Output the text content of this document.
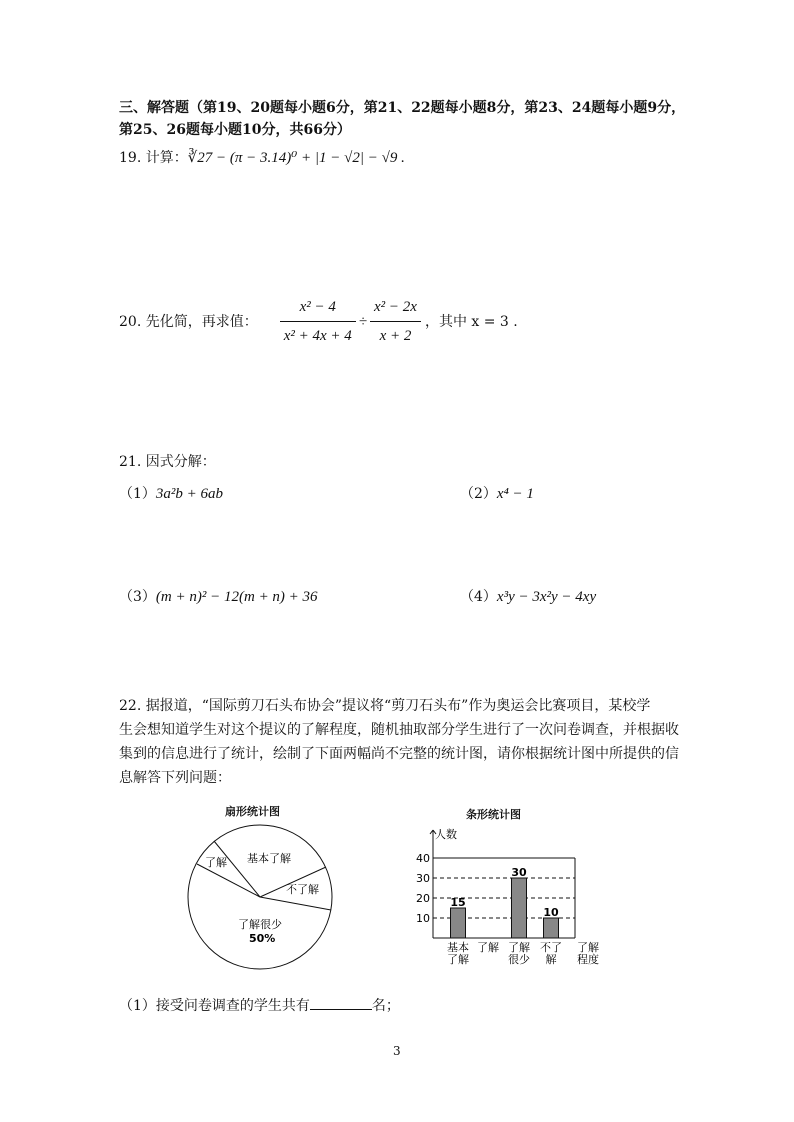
三、解答题（第19、20题每小题6分，第21、22题每小题8分，第23、24题每小题9分，
第25、26题每小题10分，共66分）
19. 计算：∛27 − (π − 3.14)⁰ + |1 − √2| − √9 .
20. 先化简，再求值： $\frac{\text{x² − 4}}{\text{x² + 4x + 4}} \div \frac{\text{x² − 2x}}{x + 2}$ ，其中 x = 3 .
21. 因式分解：
（1）3a²b + 6ab	（2）x⁴ − 1
（3）(m + n)² − 12(m + n) + 36	（4）x³y − 3x²y − 4xy
22. 据报道，“国际剪刀石头布协会”提议将“剪刀石头布”作为奥运会比赛项目，某校学
生会想知道学生对这个提议的了解程度，随机抽取部分学生进行了一次问卷调查，并根据收
集到的信息进行了统计，绘制了下面两幅尚不完整的统计图，请你根据统计图中所提供的信
息解答下列问题：
扇形统计图
基本了解
了解
不了解
了解很少
50%
条形统计图
人数
10
20
30
40
15
30
10
基本
了解
了解 了解
很少
不了
解
了解
程度
（1）接受问卷调查的学生共有	名；
3
